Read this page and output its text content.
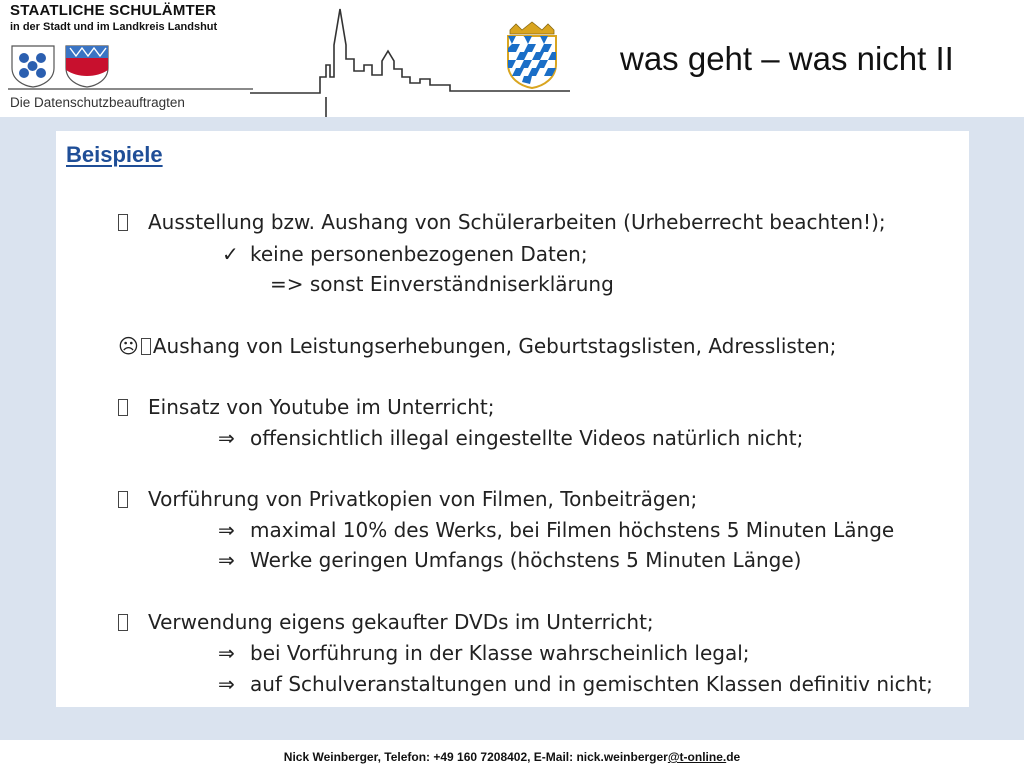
STAATLICHE SCHULÄMTER
in der Stadt und im Landkreis Landshut
Die Datenschutzbeauftragten
was geht – was nicht II
Beispiele
Ausstellung bzw. Aushang von Schülerarbeiten (Urheberrecht beachten!);
✓ keine personenbezogenen Daten;
=> sonst Einverständniserklärung
☹ Aushang von Leistungserhebungen, Geburtstagslisten, Adresslisten;
Einsatz von Youtube im Unterricht;
⇒ offensichtlich illegal eingestellte Videos natürlich nicht;
Vorführung von Privatkopien von Filmen, Tonbeiträgen;
⇒ maximal 10% des Werks, bei Filmen höchstens 5 Minuten Länge
⇒ Werke geringen Umfangs (höchstens 5 Minuten Länge)
Verwendung eigens gekaufter DVDs im Unterricht;
⇒ bei Vorführung in der Klasse wahrscheinlich legal;
⇒ auf Schulveranstaltungen und in gemischten Klassen definitiv nicht;
Nick Weinberger, Telefon: +49 160 7208402, E-Mail: nick.weinberger@t-online.de
